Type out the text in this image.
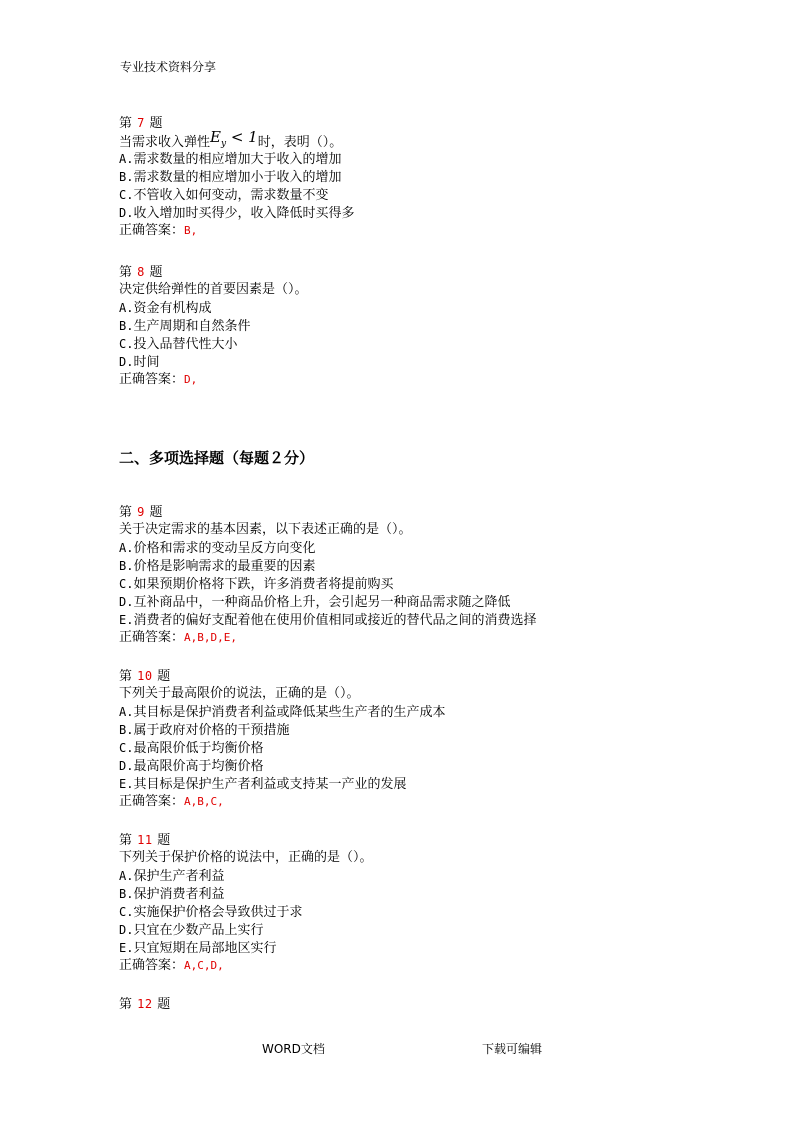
专业技术资料分享
第 7 题
当需求收入弹性$E_y < 1$时，表明（）。
A.需求数量的相应增加大于收入的增加
B.需求数量的相应增加小于收入的增加
C.不管收入如何变动，需求数量不变
D.收入增加时买得少，收入降低时买得多
正确答案：B,
第 8 题
决定供给弹性的首要因素是（）。
A.资金有机构成
B.生产周期和自然条件
C.投入品替代性大小
D.时间
正确答案：D,
二、多项选择题（每题２分）
第 9 题
关于决定需求的基本因素，以下表述正确的是（）。
A.价格和需求的变动呈反方向变化
B.价格是影响需求的最重要的因素
C.如果预期价格将下跌，许多消费者将提前购买
D.互补商品中，一种商品价格上升，会引起另一种商品需求随之降低
E.消费者的偏好支配着他在使用价值相同或接近的替代品之间的消费选择
正确答案：A,B,D,E,
第 10 题
下列关于最高限价的说法，正确的是（）。
A.其目标是保护消费者利益或降低某些生产者的生产成本
B.属于政府对价格的干预措施
C.最高限价低于均衡价格
D.最高限价高于均衡价格
E.其目标是保护生产者利益或支持某一产业的发展
正确答案：A,B,C,
第 11 题
下列关于保护价格的说法中，正确的是（）。
A.保护生产者利益
B.保护消费者利益
C.实施保护价格会导致供过于求
D.只宜在少数产品上实行
E.只宜短期在局部地区实行
正确答案：A,C,D,
第 12 题
WORD文档	下载可编辑
